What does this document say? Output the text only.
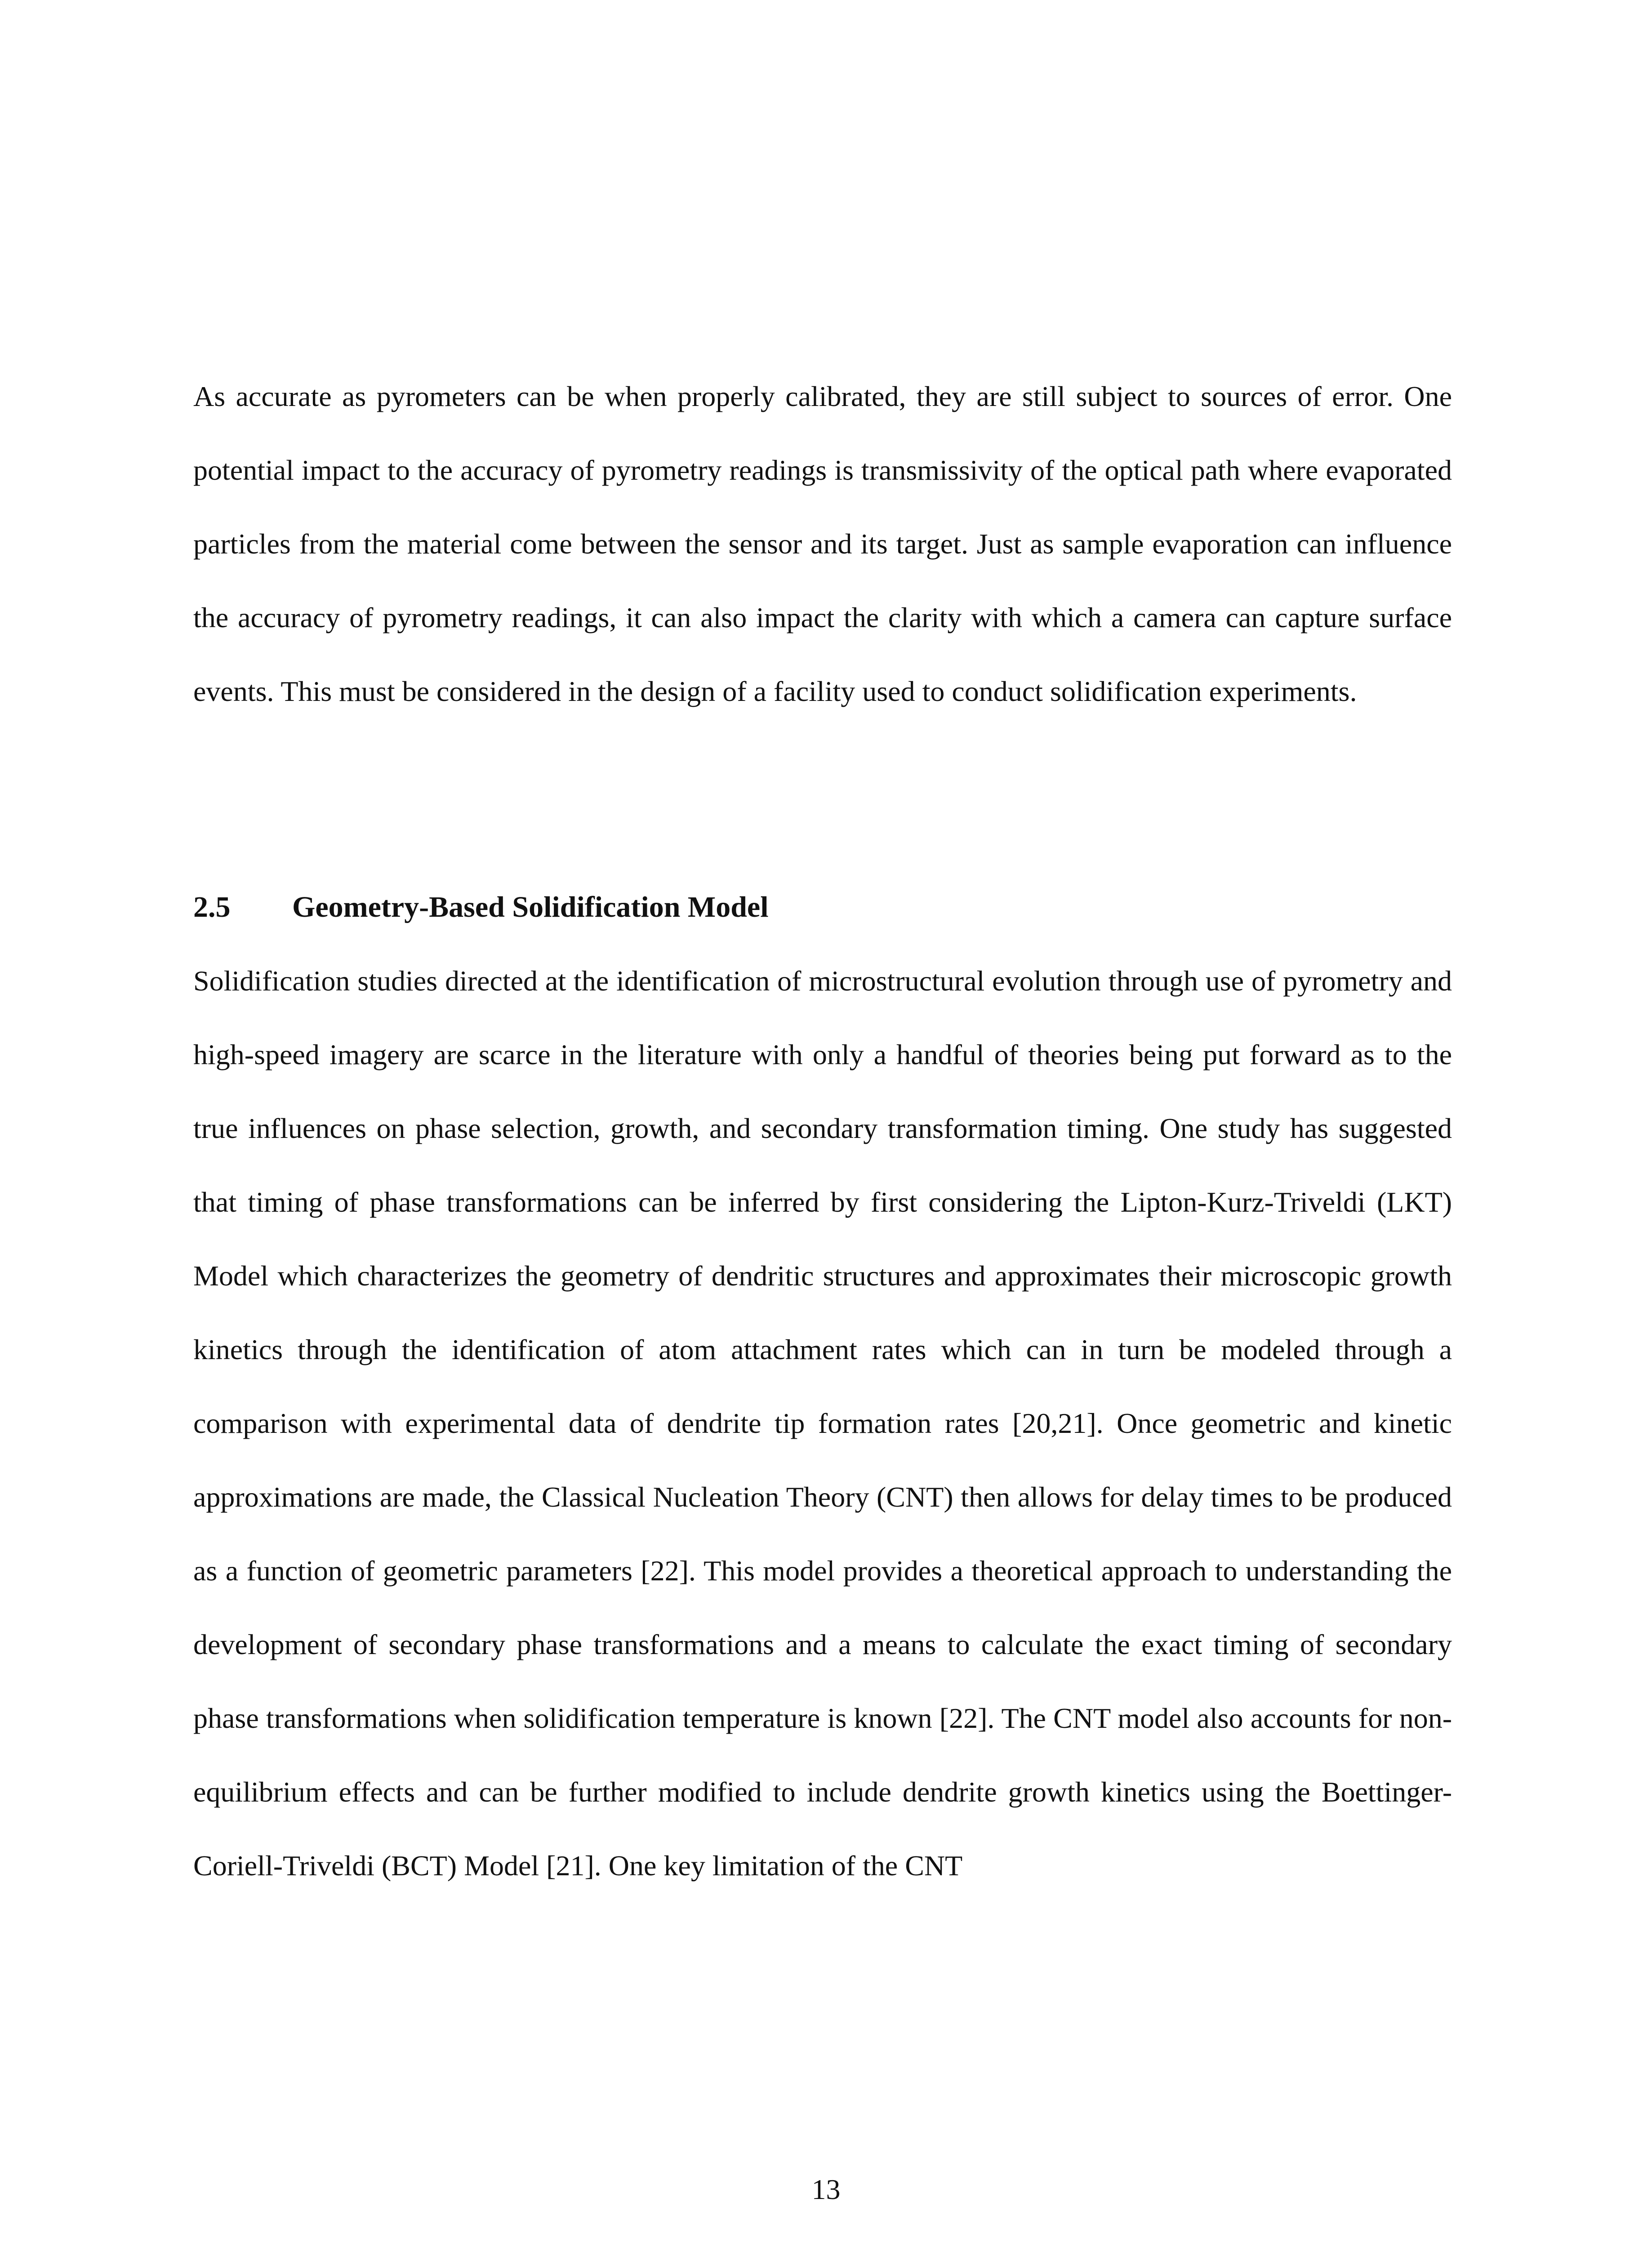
As accurate as pyrometers can be when properly calibrated, they are still subject to sources of error. One potential impact to the accuracy of pyrometry readings is transmissivity of the optical path where evaporated particles from the material come between the sensor and its target. Just as sample evaporation can influence the accuracy of pyrometry readings, it can also impact the clarity with which a camera can capture surface events. This must be considered in the design of a facility used to conduct solidification experiments.

2.5	Geometry-Based Solidification Model

Solidification studies directed at the identification of microstructural evolution through use of pyrometry and high-speed imagery are scarce in the literature with only a handful of theories being put forward as to the true influences on phase selection, growth, and secondary transformation timing. One study has suggested that timing of phase transformations can be inferred by first considering the Lipton-Kurz-Triveldi (LKT) Model which characterizes the geometry of dendritic structures and approximates their microscopic growth kinetics through the identification of atom attachment rates which can in turn be modeled through a comparison with experimental data of dendrite tip formation rates [20,21]. Once geometric and kinetic approximations are made, the Classical Nucleation Theory (CNT) then allows for delay times to be produced as a function of geometric parameters [22]. This model provides a theoretical approach to understanding the development of secondary phase transformations and a means to calculate the exact timing of secondary phase transformations when solidification temperature is known [22]. The CNT model also accounts for non-equilibrium effects and can be further modified to include dendrite growth kinetics using the Boettinger-Coriell-Triveldi (BCT) Model [21]. One key limitation of the CNT

13
